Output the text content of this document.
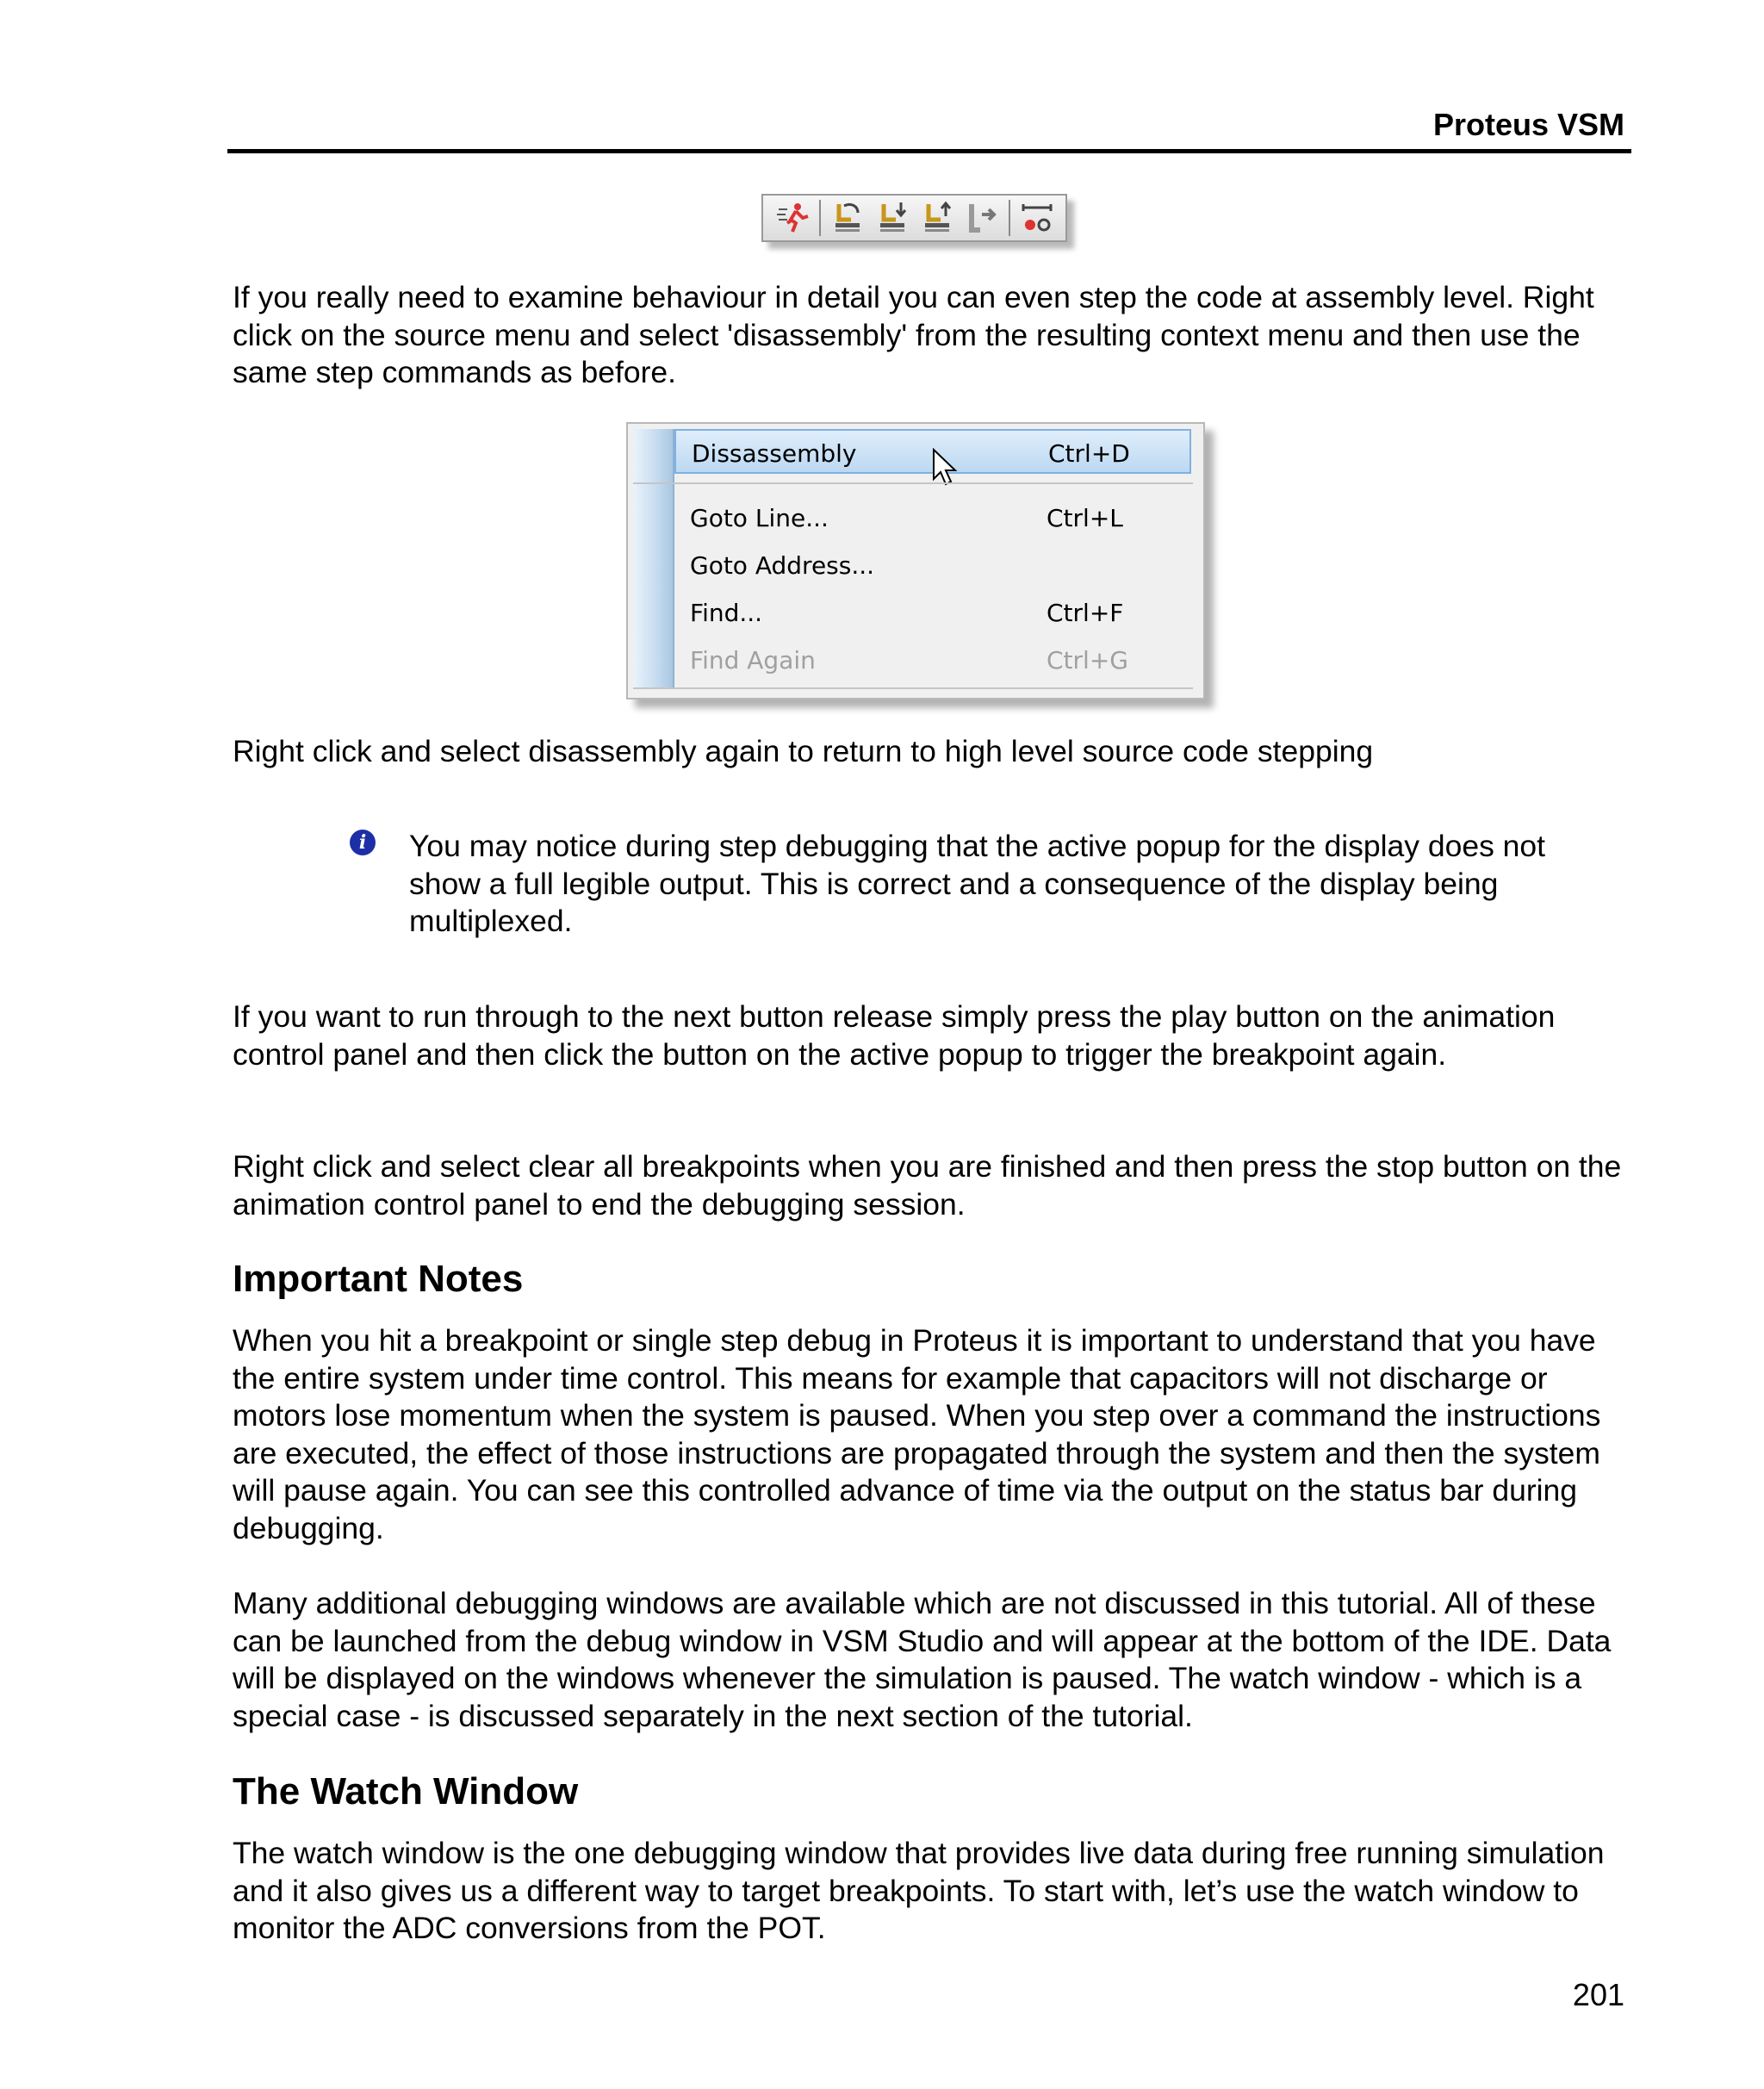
Proteus VSM

If you really need to examine behaviour in detail you can even step the code at assembly level. Right click on the source menu and select 'disassembly' from the resulting context menu and then use the same step commands as before.

Dissassembly	Ctrl+D
Goto Line...	Ctrl+L
Goto Address...
Find...	Ctrl+F
Find Again	Ctrl+G

Right click and select disassembly again to return to high level source code stepping

i	You may notice during step debugging that the active popup for the display does not show a full legible output. This is correct and a consequence of the display being multiplexed.

If you want to run through to the next button release simply press the play button on the animation control panel and then click the button on the active popup to trigger the breakpoint again.

Right click and select clear all breakpoints when you are finished and then press the stop button on the animation control panel to end the debugging session.

Important Notes

When you hit a breakpoint or single step debug in Proteus it is important to understand that you have the entire system under time control. This means for example that capacitors will not discharge or motors lose momentum when the system is paused. When you step over a command the instructions are executed, the effect of those instructions are propagated through the system and then the system will pause again. You can see this controlled advance of time via the output on the status bar during debugging.

Many additional debugging windows are available which are not discussed in this tutorial. All of these can be launched from the debug window in VSM Studio and will appear at the bottom of the IDE. Data will be displayed on the windows whenever the simulation is paused. The watch window - which is a special case - is discussed separately in the next section of the tutorial.

The Watch Window

The watch window is the one debugging window that provides live data during free running simulation and it also gives us a different way to target breakpoints. To start with, let’s use the watch window to monitor the ADC conversions from the POT.

201
